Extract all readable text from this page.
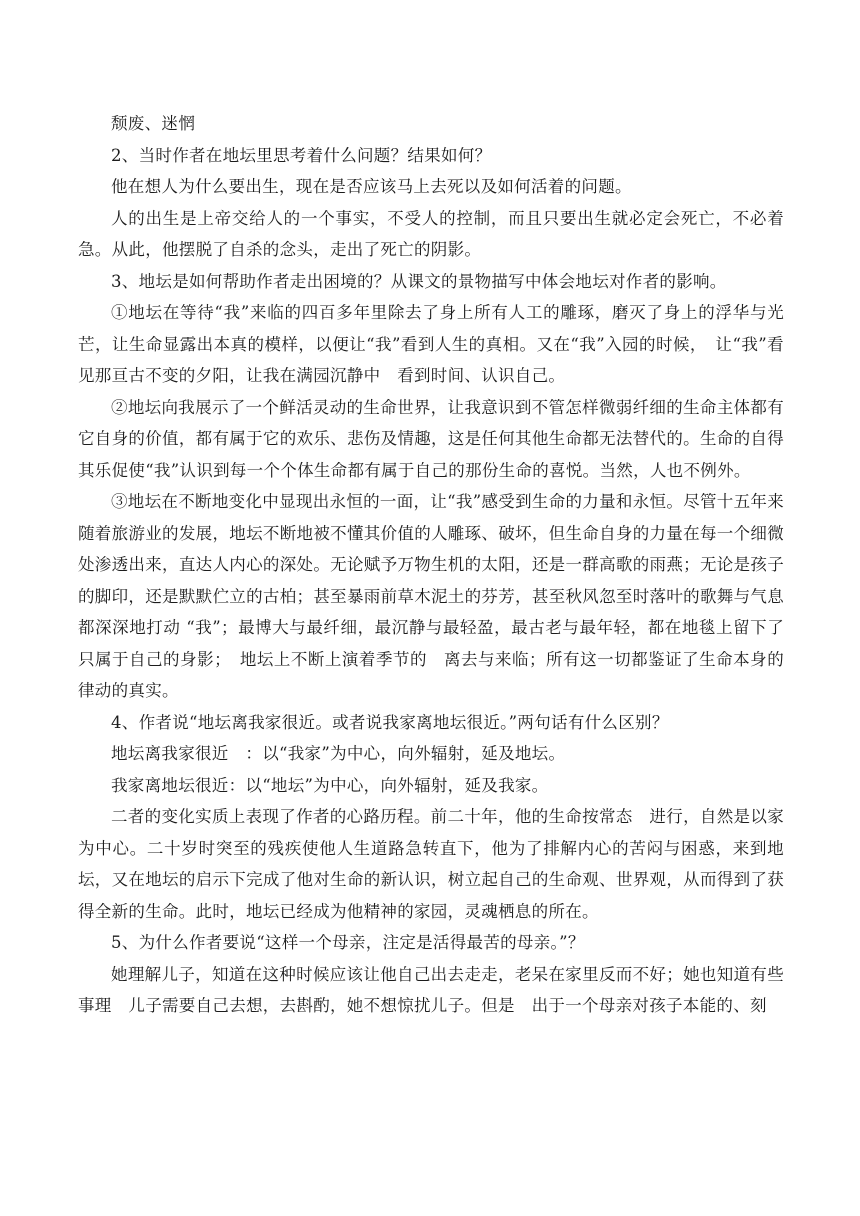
颓废、迷惘

2、当时作者在地坛里思考着什么问题？结果如何？

他在想人为什么要出生，现在是否应该马上去死以及如何活着的问题。

人的出生是上帝交给人的一个事实，不受人的控制，而且只要出生就必定会死亡，不必着急。从此，他摆脱了自杀的念头，走出了死亡的阴影。

3、地坛是如何帮助作者走出困境的？从课文的景物描写中体会地坛对作者的影响。

①地坛在等待“我”来临的四百多年里除去了身上所有人工的雕琢，磨灭了身上的浮华与光芒，让生命显露出本真的模样，以便让“我”看到人生的真相。又在“我”入园的时候，　让“我”看见那亘古不变的夕阳，让我在满园沉静中　看到时间、认识自己。

②地坛向我展示了一个鲜活灵动的生命世界，让我意识到不管怎样微弱纤细的生命主体都有它自身的价值，都有属于它的欢乐、悲伤及情趣，这是任何其他生命都无法替代的。生命的自得其乐促使“我”认识到每一个个体生命都有属于自己的那份生命的喜悦。当然，人也不例外。

③地坛在不断地变化中显现出永恒的一面，让“我”感受到生命的力量和永恒。尽管十五年来随着旅游业的发展，地坛不断地被不懂其价值的人雕琢、破坏，但生命自身的力量在每一个细微处渗透出来，直达人内心的深处。无论赋予万物生机的太阳，还是一群高歌的雨燕；无论是孩子的脚印，还是默默伫立的古柏；甚至暴雨前草木泥土的芬芳，甚至秋风忽至时落叶的歌舞与气息都深深地打动 “我”；最博大与最纤细，最沉静与最轻盈，最古老与最年轻，都在地毯上留下了只属于自己的身影；　地坛上不断上演着季节的　离去与来临；所有这一切都鉴证了生命本身的律动的真实。

4、作者说“地坛离我家很近。或者说我家离地坛很近。”两句话有什么区别？

地坛离我家很近　：以“我家”为中心，向外辐射，延及地坛。

我家离地坛很近：以“地坛”为中心，向外辐射，延及我家。

二者的变化实质上表现了作者的心路历程。前二十年，他的生命按常态　进行，自然是以家为中心。二十岁时突至的残疾使他人生道路急转直下，他为了排解内心的苦闷与困惑，来到地坛，又在地坛的启示下完成了他对生命的新认识，树立起自己的生命观、世界观，从而得到了获得全新的生命。此时，地坛已经成为他精神的家园，灵魂栖息的所在。

5、为什么作者要说“这样一个母亲，注定是活得最苦的母亲。”？

她理解儿子，知道在这种时候应该让他自己出去走走，老呆在家里反而不好；她也知道有些事理　儿子需要自己去想，去斟酌，她不想惊扰儿子。但是　出于一个母亲对孩子本能的、刻
